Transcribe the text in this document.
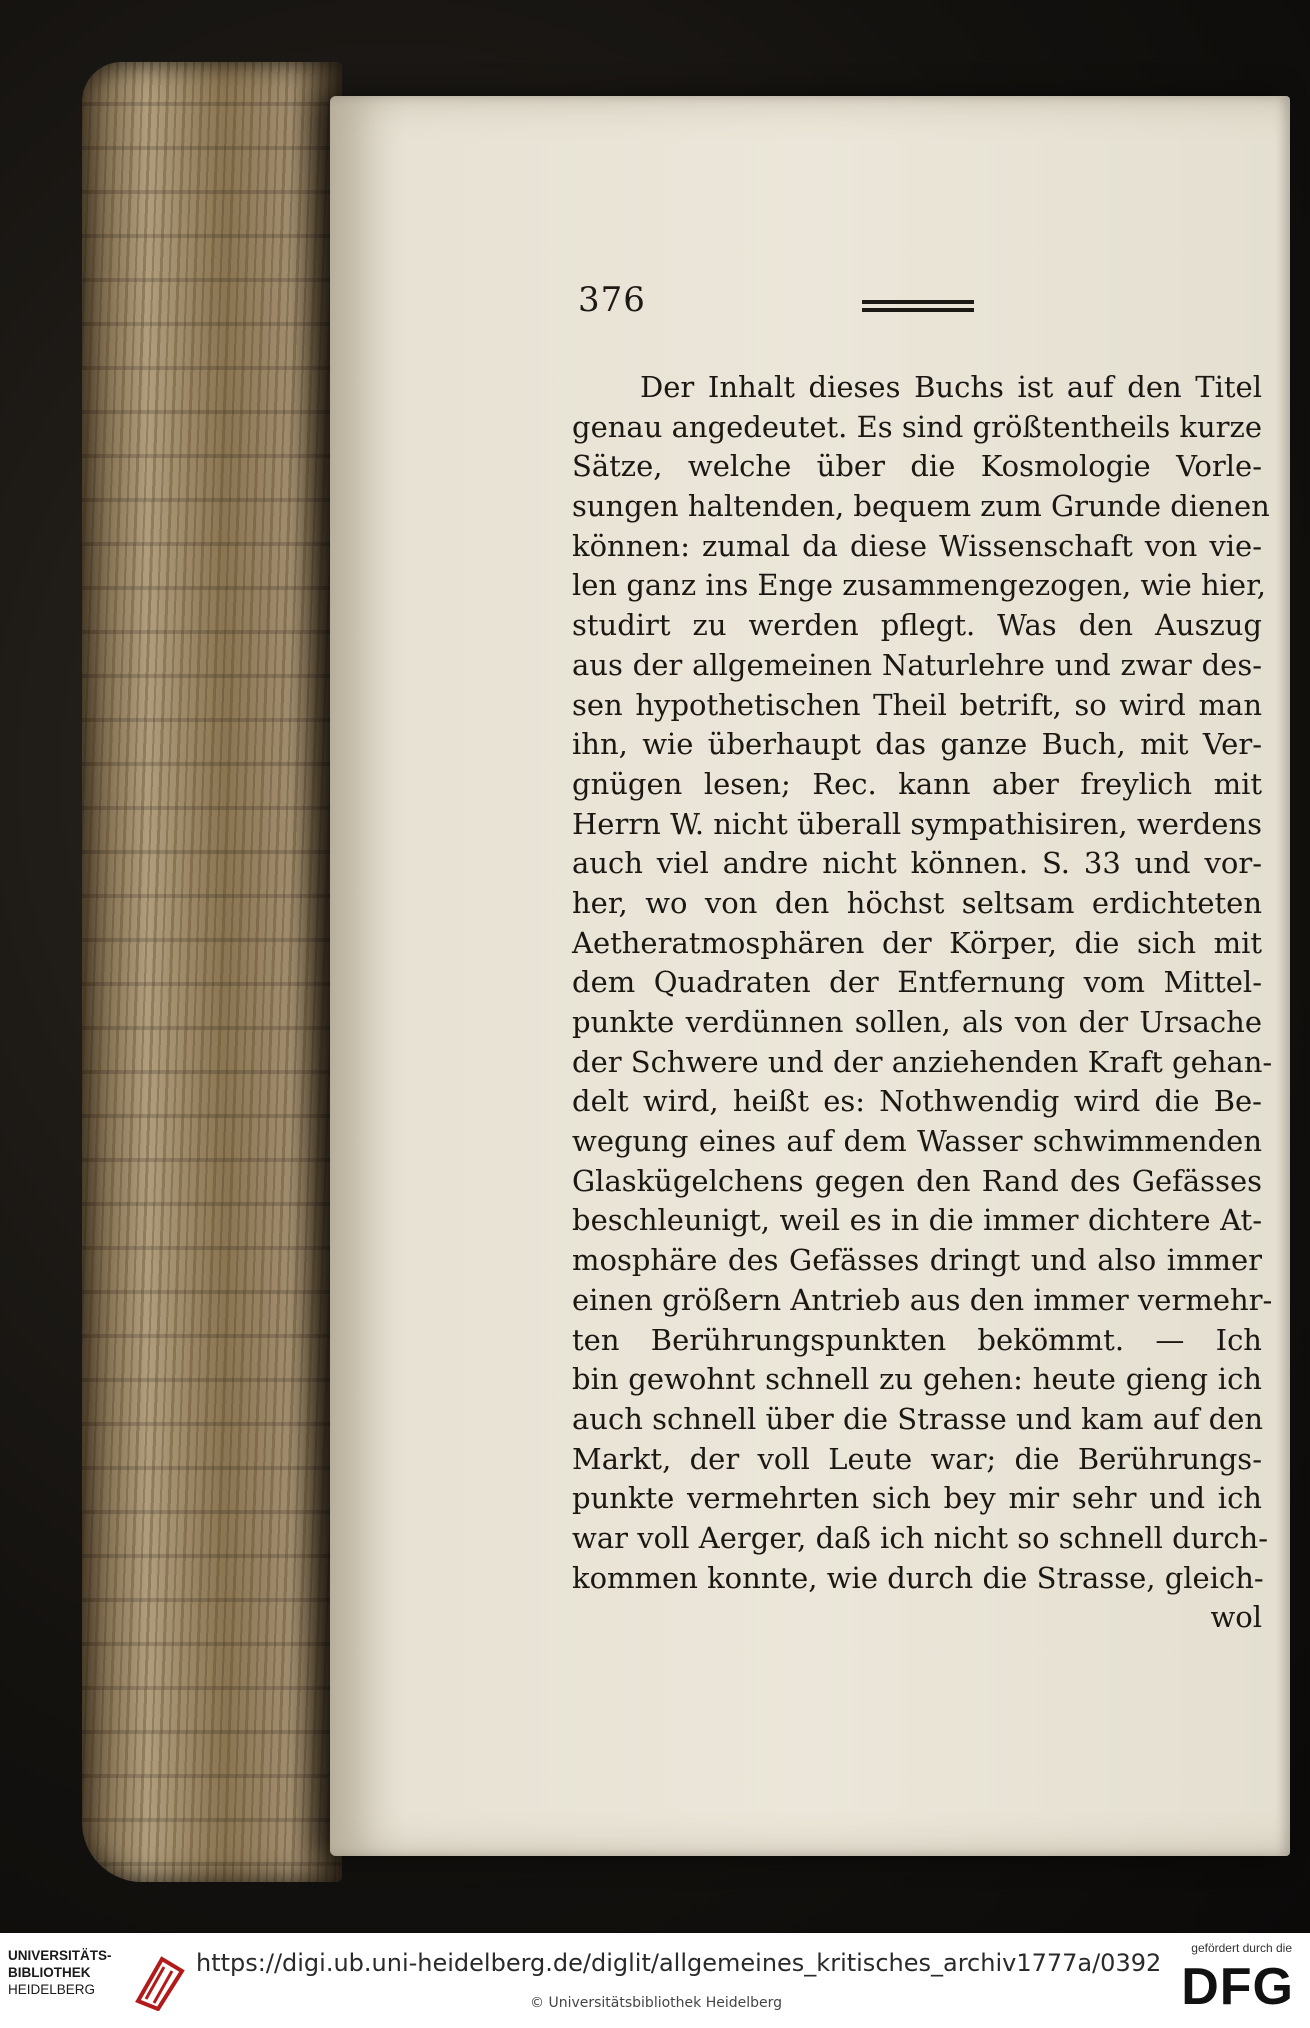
376
Der Inhalt dieses Buchs ist auf den Titel
genau angedeutet. Es sind größtentheils kurze
Sätze, welche über die Kosmologie Vorle-
sungen haltenden, bequem zum Grunde dienen
können: zumal da diese Wissenschaft von vie-
len ganz ins Enge zusammengezogen, wie hier,
studirt zu werden pflegt. Was den Auszug
aus der allgemeinen Naturlehre und zwar des-
sen hypothetischen Theil betrift, so wird man
ihn, wie überhaupt das ganze Buch, mit Ver-
gnügen lesen; Rec. kann aber freylich mit
Herrn W. nicht überall sympathisiren, werdens
auch viel andre nicht können. S. 33 und vor-
her, wo von den höchst seltsam erdichteten
Aetheratmosphären der Körper, die sich mit
dem Quadraten der Entfernung vom Mittel-
punkte verdünnen sollen, als von der Ursache
der Schwere und der anziehenden Kraft gehan-
delt wird, heißt es: Nothwendig wird die Be-
wegung eines auf dem Wasser schwimmenden
Glaskügelchens gegen den Rand des Gefässes
beschleunigt, weil es in die immer dichtere At-
mosphäre des Gefässes dringt und also immer
einen größern Antrieb aus den immer vermehr-
ten Berührungspunkten bekömmt. — Ich
bin gewohnt schnell zu gehen: heute gieng ich
auch schnell über die Strasse und kam auf den
Markt, der voll Leute war; die Berührungs-
punkte vermehrten sich bey mir sehr und ich
war voll Aerger, daß ich nicht so schnell durch-
kommen konnte, wie durch die Strasse, gleich-
wol
UNIVERSITÄTS-
BIBLIOTHEK
HEIDELBERG
https://digi.ub.uni-heidelberg.de/diglit/allgemeines_kritisches_archiv1777a/0392
© Universitätsbibliothek Heidelberg
gefördert durch die
DFG
